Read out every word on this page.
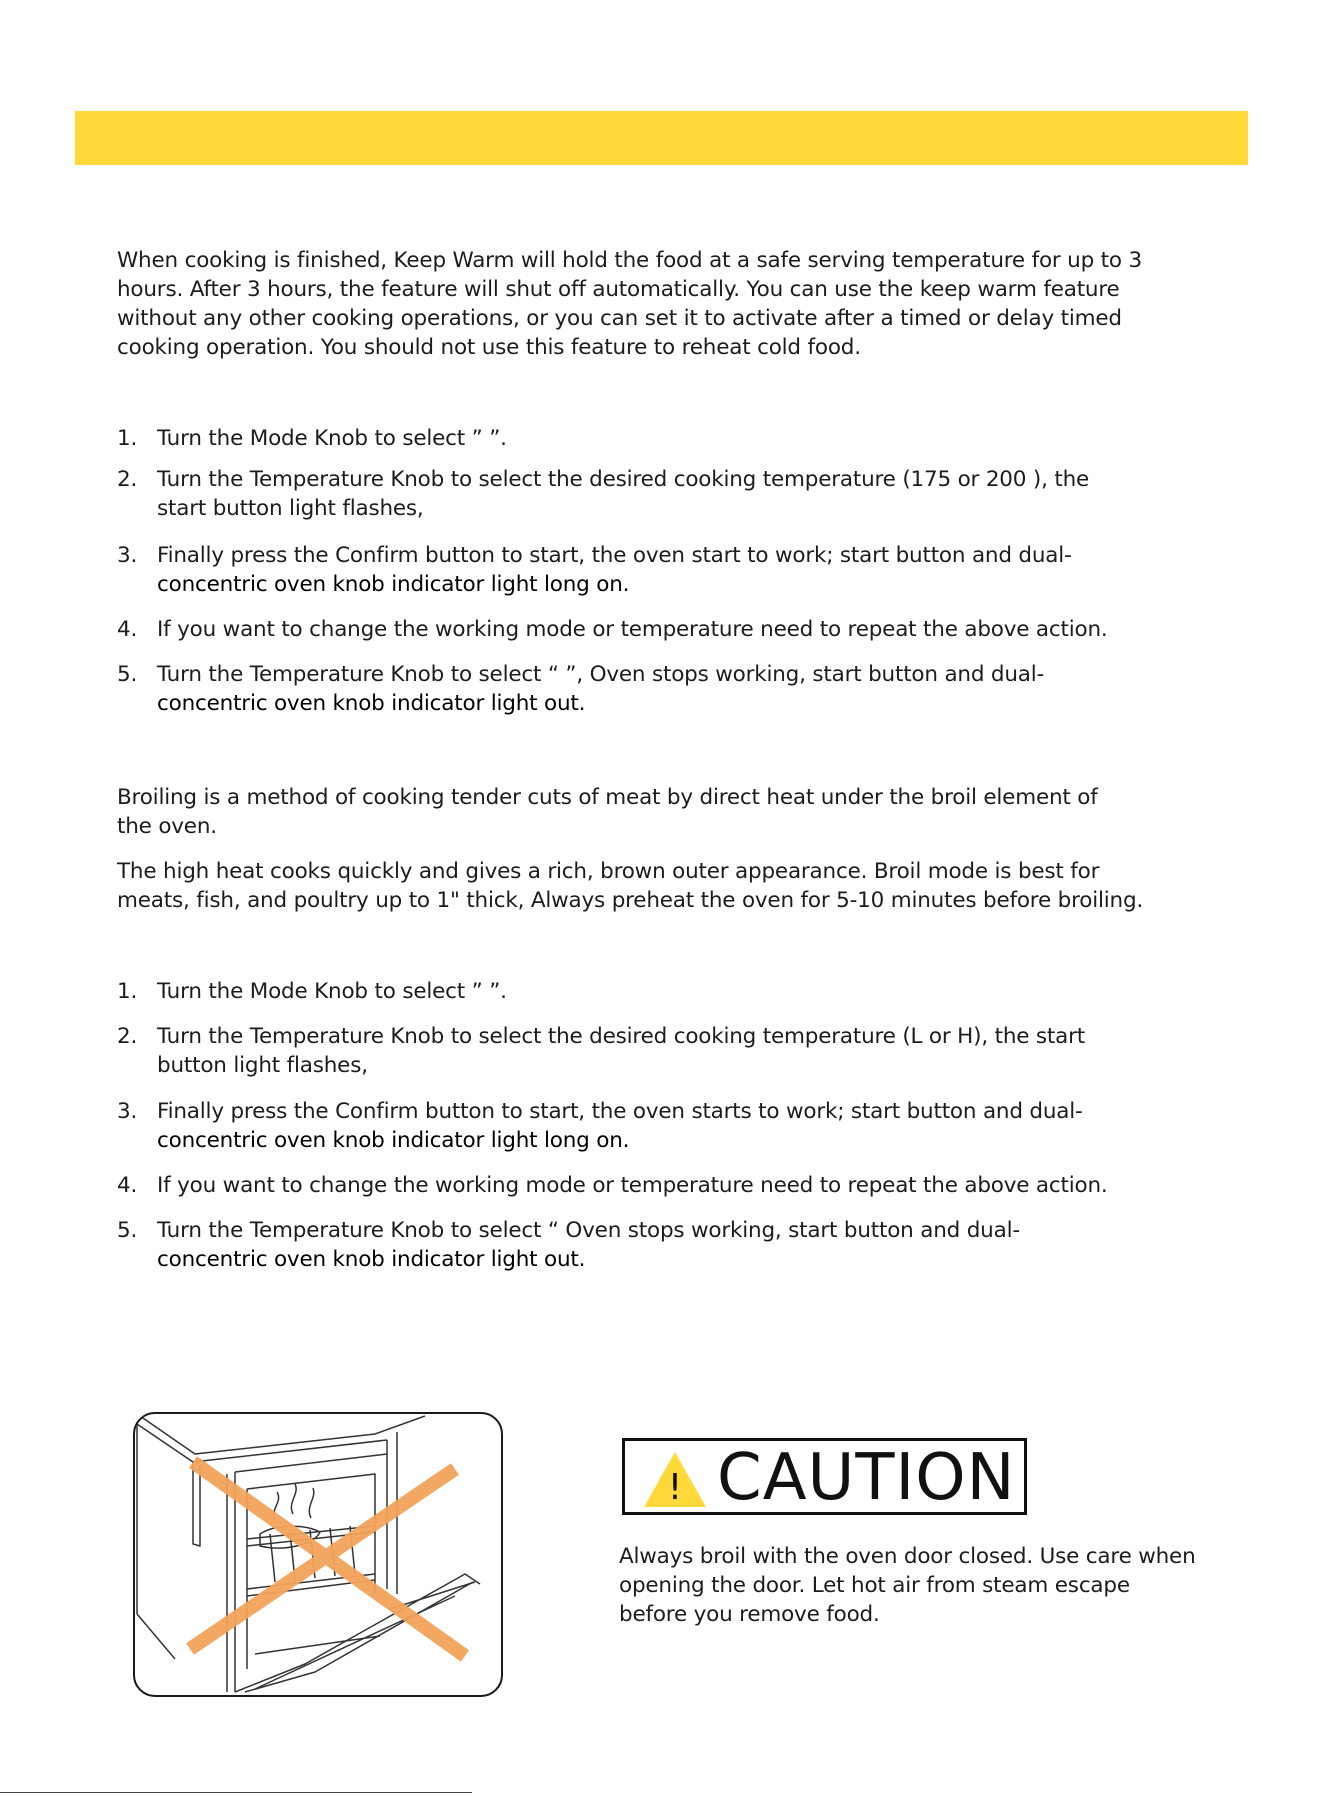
When cooking is finished, Keep Warm will hold the food at a safe serving temperature for up to 3
hours. After 3 hours, the feature will shut off automatically. You can use the keep warm feature
without any other cooking operations, or you can set it to activate after a timed or delay timed
cooking operation. You should not use this feature to reheat cold food.
1. Turn the Mode Knob to select ” ”.
2. Turn the Temperature Knob to select the desired cooking temperature (175 or 200 ), the
start button light flashes,
3. Finally press the Confirm button to start, the oven start to work; start button and dual-
concentric oven knob indicator light long on.
4. If you want to change the working mode or temperature need to repeat the above action.
5. Turn the Temperature Knob to select “ ”, Oven stops working, start button and dual-
concentric oven knob indicator light out.
Broiling is a method of cooking tender cuts of meat by direct heat under the broil element of
the oven.
The high heat cooks quickly and gives a rich, brown outer appearance. Broil mode is best for
meats, fish, and poultry up to 1" thick, Always preheat the oven for 5-10 minutes before broiling.
1. Turn the Mode Knob to select ” ”.
2. Turn the Temperature Knob to select the desired cooking temperature (L or H), the start
button light flashes,
3. Finally press the Confirm button to start, the oven starts to work; start button and dual-
concentric oven knob indicator light long on.
4. If you want to change the working mode or temperature need to repeat the above action.
5. Turn the Temperature Knob to select “ Oven stops working, start button and dual-
concentric oven knob indicator light out.
! CAUTION
Always broil with the oven door closed. Use care when
opening the door. Let hot air from steam escape
before you remove food.
